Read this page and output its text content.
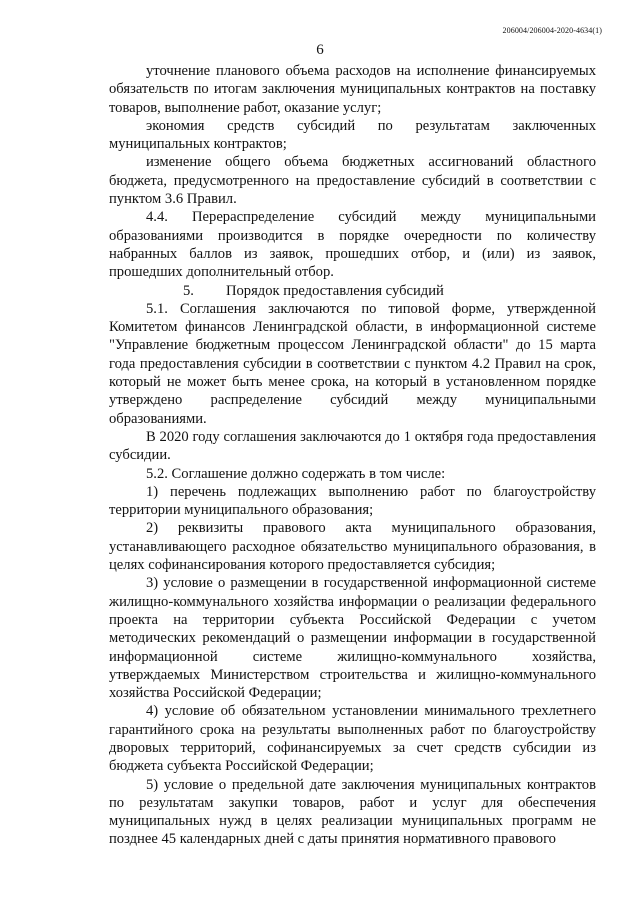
206004/206004-2020-4634(1)
6

уточнение планового объема расходов на исполнение финансируемых обязательств по итогам заключения муниципальных контрактов на поставку товаров, выполнение работ, оказание услуг;

экономия средств субсидий по результатам заключенных муниципальных контрактов;

изменение общего объема бюджетных ассигнований областного бюджета, предусмотренного на предоставление субсидий в соответствии с пунктом 3.6 Правил.

4.4. Перераспределение субсидий между муниципальными образованиями производится в порядке очередности по количеству набранных баллов из заявок, прошедших отбор, и (или) из заявок, прошедших дополнительный отбор.

5. Порядок предоставления субсидий

5.1. Соглашения заключаются по типовой форме, утвержденной Комитетом финансов Ленинградской области, в информационной системе "Управление бюджетным процессом Ленинградской области" до 15 марта года предоставления субсидии в соответствии с пунктом 4.2 Правил на срок, который не может быть менее срока, на который в установленном порядке утверждено распределение субсидий между муниципальными образованиями.

В 2020 году соглашения заключаются до 1 октября года предоставления субсидии.

5.2. Соглашение должно содержать в том числе:

1) перечень подлежащих выполнению работ по благоустройству территории муниципального образования;

2) реквизиты правового акта муниципального образования, устанавливающего расходное обязательство муниципального образования, в целях софинансирования которого предоставляется субсидия;

3) условие о размещении в государственной информационной системе жилищно-коммунального хозяйства информации о реализации федерального проекта на территории субъекта Российской Федерации с учетом методических рекомендаций о размещении информации в государственной информационной системе жилищно-коммунального хозяйства, утверждаемых Министерством строительства и жилищно-коммунального хозяйства Российской Федерации;

4) условие об обязательном установлении минимального трехлетнего гарантийного срока на результаты выполненных работ по благоустройству дворовых территорий, софинансируемых за счет средств субсидии из бюджета субъекта Российской Федерации;

5) условие о предельной дате заключения муниципальных контрактов по результатам закупки товаров, работ и услуг для обеспечения муниципальных нужд в целях реализации муниципальных программ не позднее 45 календарных дней с даты принятия нормативного правового
